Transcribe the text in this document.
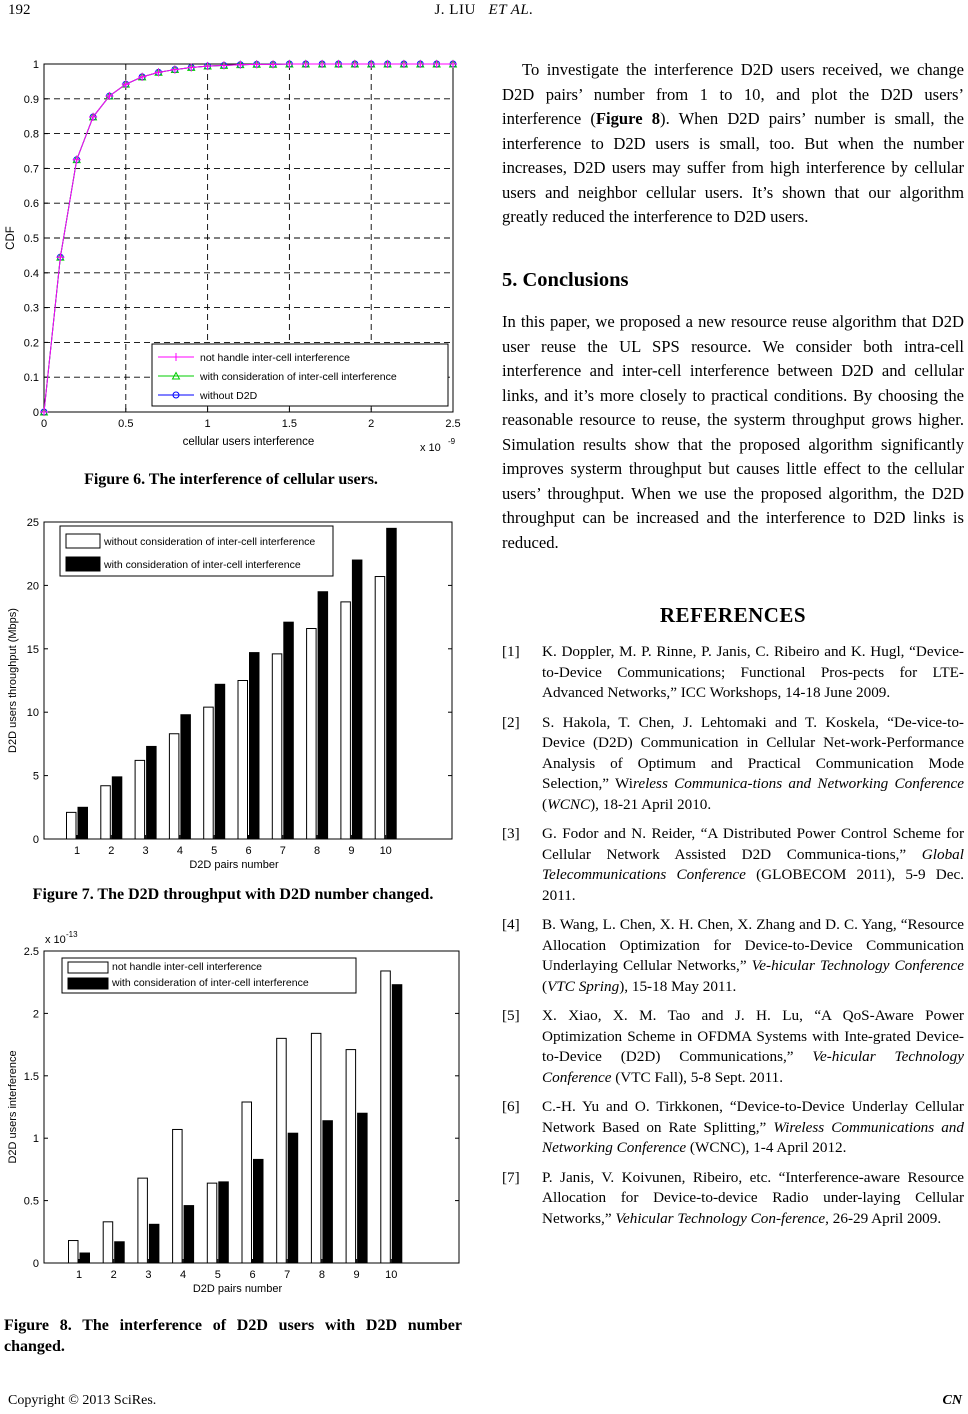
192	J. LIU ET AL.
0	0.5	1	1.5	2	2.5
0
0.1
0.2
0.3
0.4
0.5
0.6
0.7
0.8
0.9
1
cellular users interference
CDF
x 10
-9
not handle inter-cell interference
with consideration of inter-cell interference
without D2D
Figure 6. The interference of cellular users.
0
5
10
15
20
25
1	2	3	4	5	6	7	8	9 10
D2D pairs number
D2D users throughput (Mbps)
without consideration of inter-cell interference
with consideration of inter-cell interference
Figure 7. The D2D throughput with D2D number changed.
0
0.5
1
1.5
2
2.5
1	2	3	4	5	6	7	8	9 10
D2D pairs number
D2D users interference
x 10 -13
not handle inter-cell interference
with consideration of inter-cell interference
Figure 8. The interference of D2D users with D2D number changed.

To investigate the interference D2D users received, we change D2D pairs’ number from 1 to 10, and plot the D2D users’ interference (Figure 8). When D2D pairs’ number is small, the interference to D2D users is small, too. But when the number increases, D2D users may suffer from high interference by cellular users and neighbor cellular users. It’s shown that our algorithm greatly reduced the interference to D2D users.

5. Conclusions

In this paper, we proposed a new resource reuse algorithm that D2D user reuse the UL SPS resource. We consider both intra-cell interference and inter-cell interference between D2D and cellular links, and it’s more closely to practical conditions. By choosing the reasonable resource to reuse, the systerm throughput grows higher. Simulation results show that the proposed algorithm significantly improves systerm throughput but causes little effect to the cellular users’ throughput. When we use the proposed algorithm, the D2D throughput can be increased and the interference to D2D links is reduced.

REFERENCES
[1]	K. Doppler, M. P. Rinne, P. Janis, C. Ribeiro and K. Hugl, “Device-to-Device Communications; Functional Pros-pects for LTE-Advanced Networks,” ICC Workshops, 14-18 June 2009.
[2]	S. Hakola, T. Chen, J. Lehtomaki and T. Koskela, “De-vice-to-Device (D2D) Communication in Cellular Net-work-Performance Analysis of Optimum and Practical Communication Mode Selection,” Wireless Communica-tions and Networking Conference (WCNC), 18-21 April 2010.
[3]	G. Fodor and N. Reider, “A Distributed Power Control Scheme for Cellular Network Assisted D2D Communica-tions,” Global Telecommunications Conference (GLOBECOM 2011), 5-9 Dec. 2011.
[4]	B. Wang, L. Chen, X. H. Chen, X. Zhang and D. C. Yang, “Resource Allocation Optimization for Device-to-Device Communication Underlaying Cellular Networks,” Ve-hicular Technology Conference (VTC Spring), 15-18 May 2011.
[5]	X. Xiao, X. M. Tao and J. H. Lu, “A QoS-Aware Power Optimization Scheme in OFDMA Systems with Inte-grated Device-to-Device (D2D) Communications,” Ve-hicular Technology Conference (VTC Fall), 5-8 Sept. 2011.
[6]	C.-H. Yu and O. Tirkkonen, “Device-to-Device Underlay Cellular Network Based on Rate Splitting,” Wireless Communications and Networking Conference (WCNC), 1-4 April 2012.
[7]	P. Janis, V. Koivunen, Ribeiro, etc. “Interference-aware Resource Allocation for Device-to-device Radio under-laying Cellular Networks,” Vehicular Technology Con-ference, 26-29 April 2009.
Copyright © 2013 SciRes.	CN
